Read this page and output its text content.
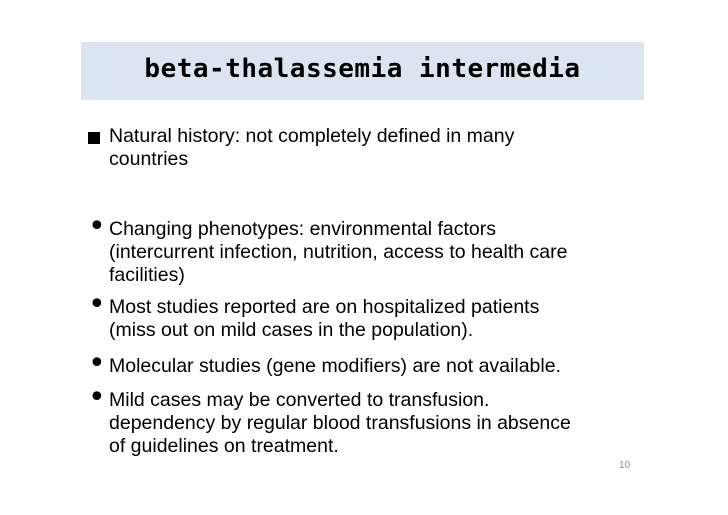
beta-thalassemia intermedia
Natural history: not completely defined in many
countries
• Changing phenotypes: environmental factors
(intercurrent infection, nutrition, access to health care
facilities)
• Most studies reported are on hospitalized patients
(miss out on mild cases in the population).
• Molecular studies (gene modifiers) are not available.
• Mild cases may be converted to transfusion.
dependency by regular blood transfusions in absence
of guidelines on treatment.
10
